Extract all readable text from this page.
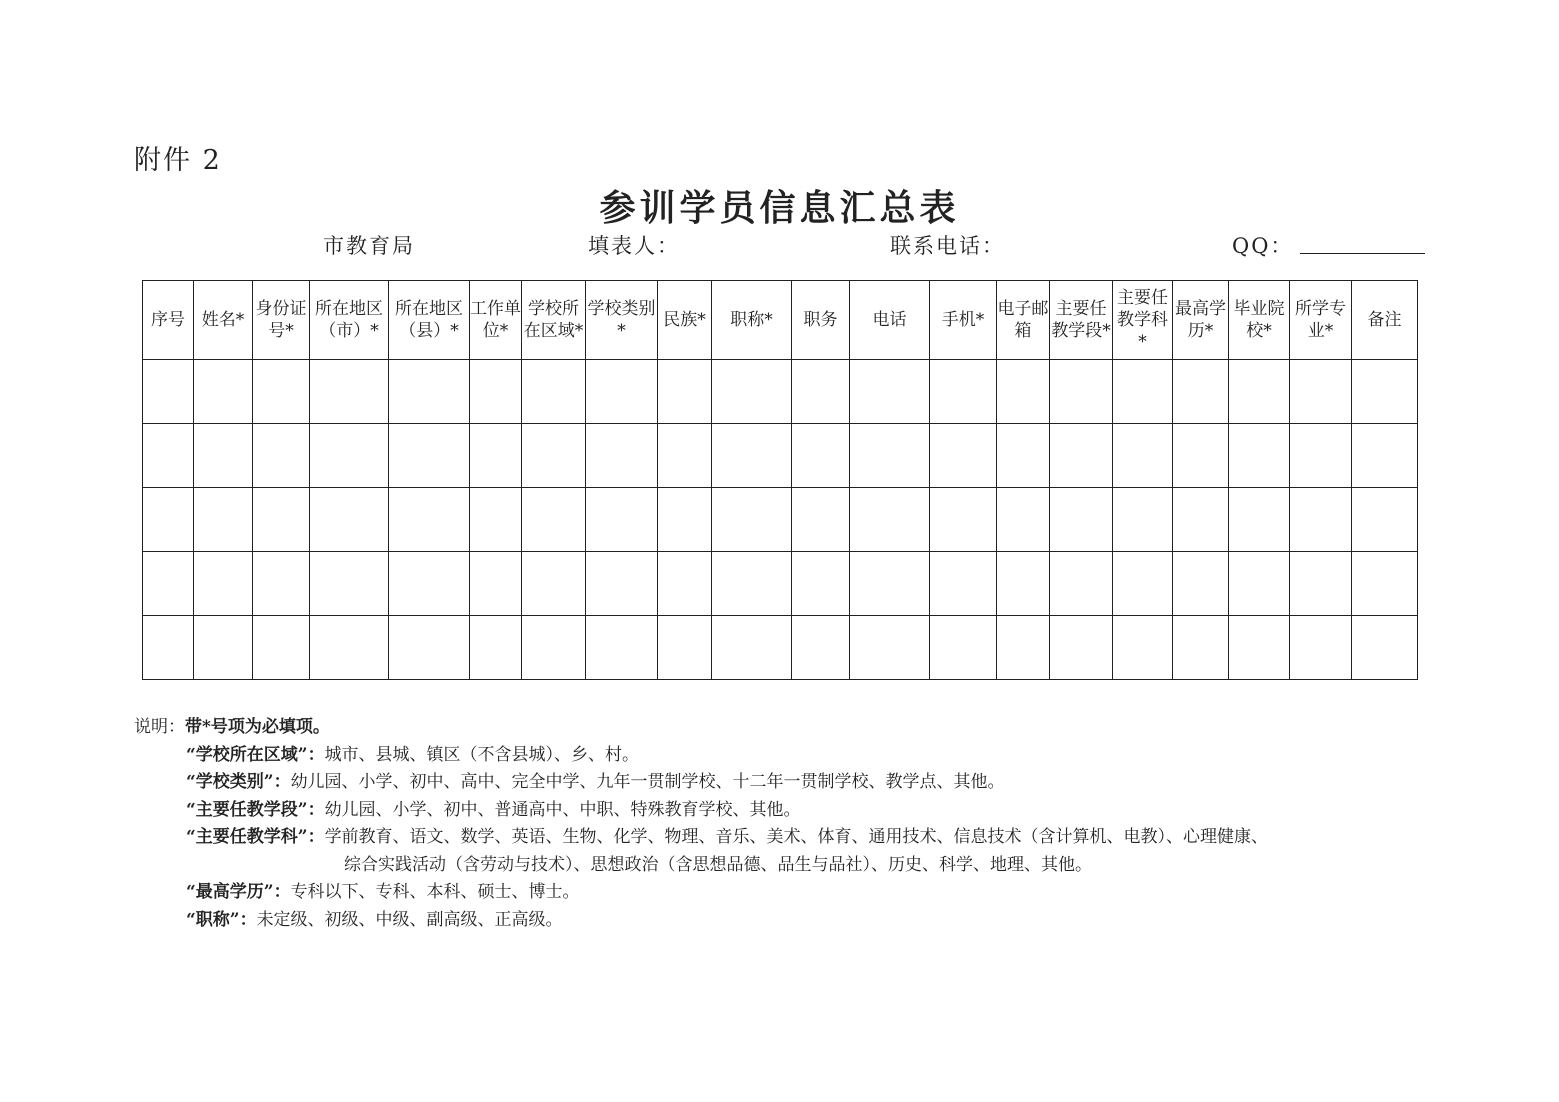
附件 2
参训学员信息汇总表
市教育局	填表人：	联系电话：	QQ：
序号	姓名*	身份证号*	所在地区（市）*	所在地区（县）*	工作单位*	学校所在区域*	学校类别*	民族*	职称*	职务	电话	手机*	电子邮箱	主要任教学段*	主要任教学科*	最高学历*	毕业院校*	所学专业*	备注

说明：带*号项为必填项。
“学校所在区域”：城市、县城、镇区（不含县城）、乡、村。
“学校类别”：幼儿园、小学、初中、高中、完全中学、九年一贯制学校、十二年一贯制学校、教学点、其他。
“主要任教学段”：幼儿园、小学、初中、普通高中、中职、特殊教育学校、其他。
“主要任教学科”：学前教育、语文、数学、英语、生物、化学、物理、音乐、美术、体育、通用技术、信息技术（含计算机、电教）、心理健康、
综合实践活动（含劳动与技术）、思想政治（含思想品德、品生与品社）、历史、科学、地理、其他。
“最高学历”：专科以下、专科、本科、硕士、博士。
“职称”：未定级、初级、中级、副高级、正高级。
